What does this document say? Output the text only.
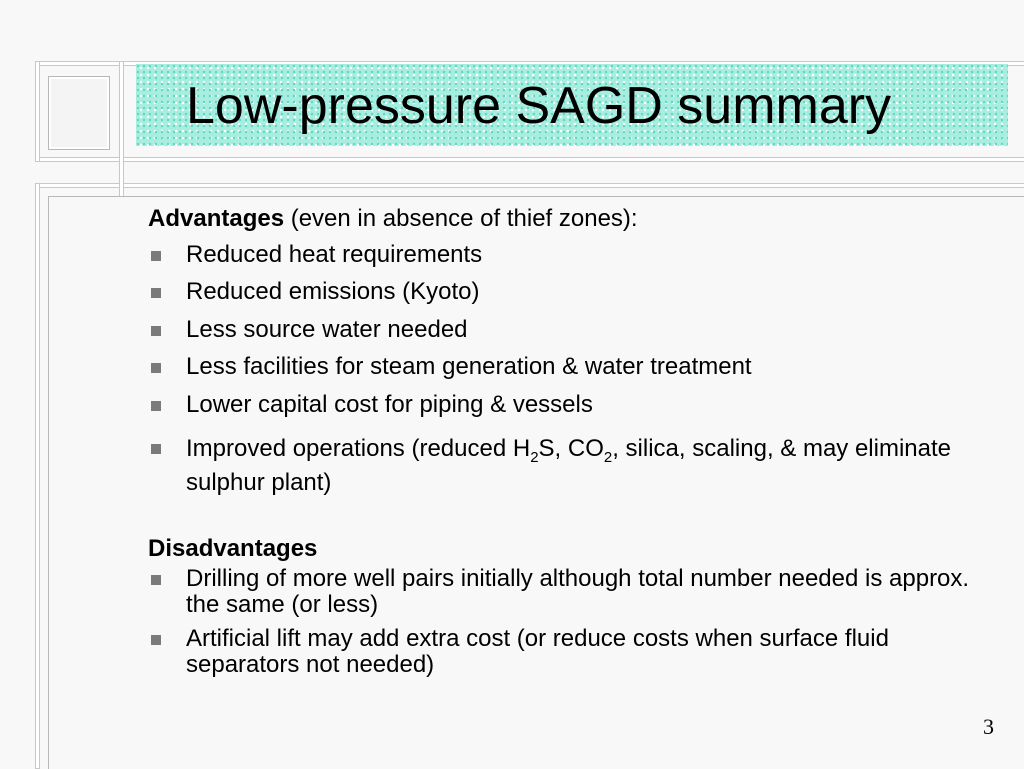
Low-pressure SAGD summary

Advantages (even in absence of thief zones):

Reduced heat requirements
Reduced emissions (Kyoto)
Less source water needed
Less facilities for steam generation & water treatment
Lower capital cost for piping & vessels
Improved operations (reduced $H_2S$, $CO_2$, silica, scaling, & may eliminate sulphur plant)

Disadvantages

Drilling of more well pairs initially although total number needed is approx. the same (or less)
Artificial lift may add extra cost (or reduce costs when surface fluid separators not needed)
3
